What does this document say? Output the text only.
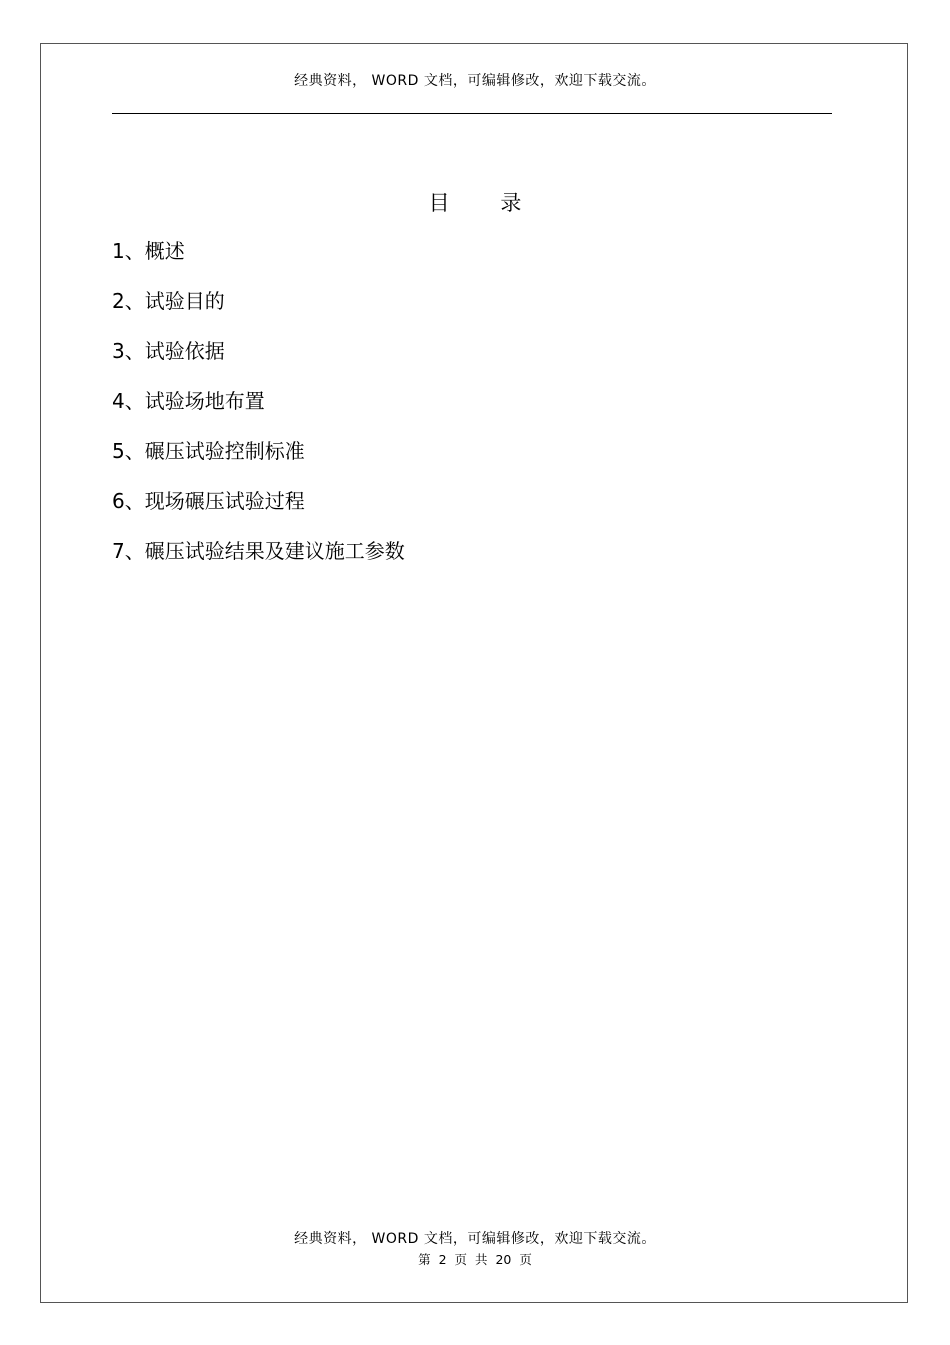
经典资料， WORD 文档，可编辑修改，欢迎下载交流。
目 录
1、概述
2、试验目的
3、试验依据
4、试验场地布置
5、碾压试验控制标准
6、现场碾压试验过程
7、碾压试验结果及建议施工参数
经典资料， WORD 文档，可编辑修改，欢迎下载交流。
第 2 页 共 20 页
